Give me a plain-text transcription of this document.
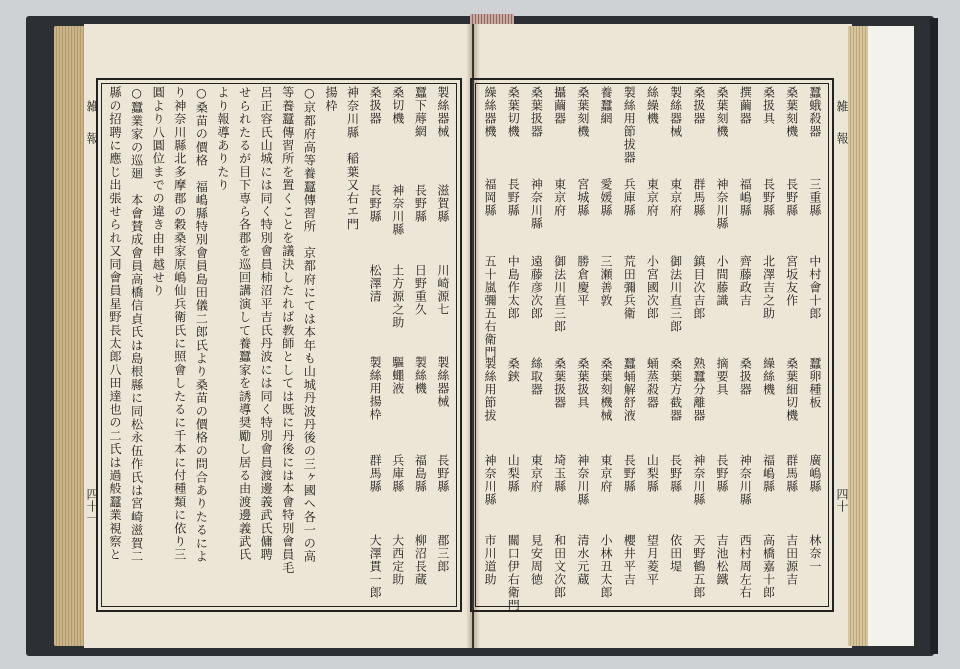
雑 報
四十一
雑 報
四十
製絲器械
滋賀縣
川崎源七
製絲器械
長野縣
郡三郎
蠶下蓐網
長野縣
日野重久
製絲機
福島縣
柳沼長蔵
桑切機
神奈川縣
土方源之助
驅蠅液
兵庫縣
大西定助
桑扱器
長野縣
松澤清
製絲用揚枠
群馬縣
大澤貫一郎
神奈川縣　稲葉又右エ門
揚枠
○京都府高等養蠶傳習所　京都府にては本年も山城丹波丹後の三ヶ國へ各一の高
等養蠶傳習所を置くことを議決したれば教師としては既に丹後には本會特別會員毛
呂正容氏山城には同く特別會員柿沼平吉氏丹波には同く特別會員渡邊義武氏傭聘
せられたるが目下専ら各郡を巡回講演して養蠶家を誘導奨勵し居る由渡邊義武氏
より報導ありたり
○桑苗の價格　福嶋縣特別會員島田儀二郎氏より桑苗の價格の問合ありたるによ
り神奈川縣北多摩郡の穀桑家原嶋仙兵衛氏に照會したるに千本に付種類に依り三
圓より八圓位までの違き由申越せり
○蠶業家の巡廻　本會賛成會員高橋信貞氏は島根縣に同松永伍作氏は宮崎滋賀二
縣の招聘に應じ出張せられ又同會員星野長太郎八田達也の二氏は過般蠶業視察と	蠶蛾殺器
三重縣
中村會十郎
蠶卵種板
廣嶋縣
林奈一
桑葉刻機
長野縣
宮坂友作
桑葉細切機
群馬縣
吉田源吉
桑扱具
長野縣
北澤吉之助
繰絲機
福嶋縣
高橋嘉十郎
撰繭器
福嶋縣
齊藤政吉
桑扱器
神奈川縣
西村周左右
桑葉刻機
神奈川縣
小間藤識
摘要具
長野縣
吉池松鐵
桑扱器
群馬縣
鎮目次吉郎
熟蠶分離器
神奈川縣
天野鶴五郎
製絲器械
東京府
御法川直三郎
桑葉方截器
長野縣
依田堤
絲繰機
東京府
小宮國次郎
蛹蒸殺器
山梨縣
望月菱平
製絲用節拔器
兵庫縣
荒田彌兵衛
蠶蛹解舒液
長野縣
櫻井平吉
養蠶網
愛媛縣
三瀬善敦
桑葉刻機械
東京府
小林丑太郎
桑葉刻機
宮城縣
勝倉慶平
桑葉扱具
神奈川縣
清水元蔵
攝繭器
東京府
御法川直三郎
桑葉扱器
埼玉縣
和田文次郎
桑葉扱器
神奈川縣
遠藤彦次郎
絲取器
東京府
見安周徳
桑葉切機
長野縣
中島作太郎
桑鋏
山梨縣
關口伊右衛門
繰絲器機
福岡縣
五十嵐彌五右衛門
製絲用節拔
神奈川縣
市川道助
